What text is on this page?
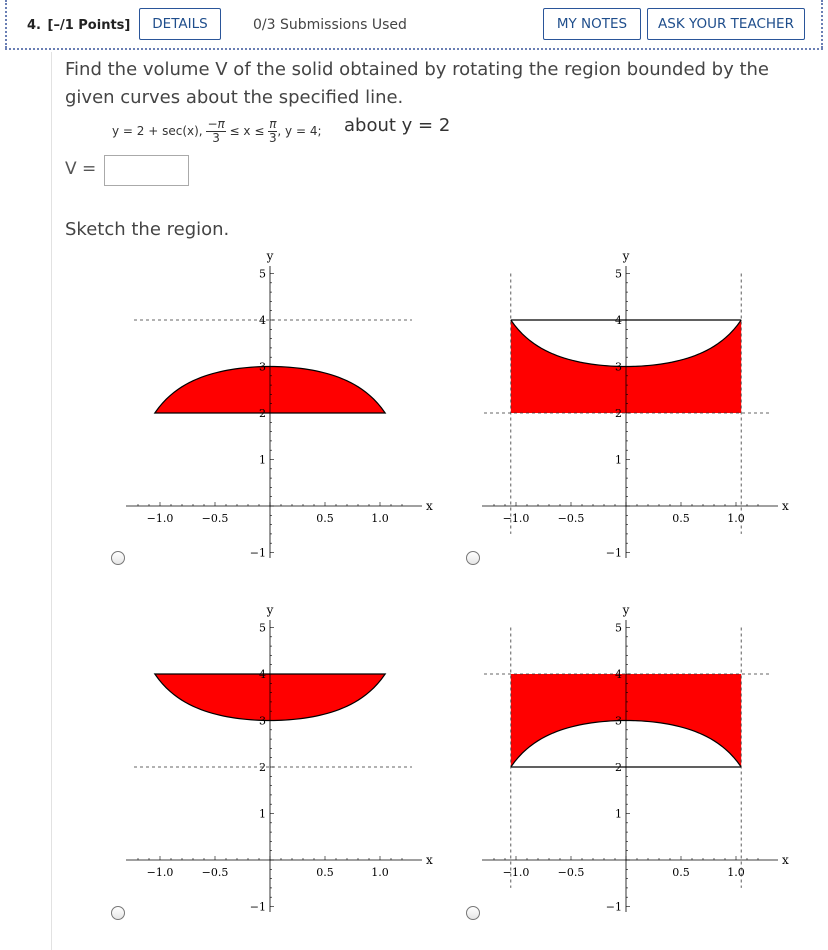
4. [–/1 Points]	DETAILS	0/3 Submissions Used	MY NOTES	ASK YOUR TEACHER
Find the volume V of the solid obtained by rotating the region bounded by the given curves about the specified line.
y = 2 + sec(x), $\frac{-\pi}{3} \le x \le \frac{\pi}{3}$ , y = 4; about y = 2
V =
Sketch the region.
−1.0	−0.5	0.5	1.0
5
4
3
2
1
−1
x
y
−1.0	−0.5	0.5	1.0
5
4
3
2
1
−1
x
y
−1.0	−0.5	0.5	1.0
5
4
3
2
1
−1
x
y
−1.0	−0.5	0.5	1.0
5
4
3
2
1
−1
x
y
